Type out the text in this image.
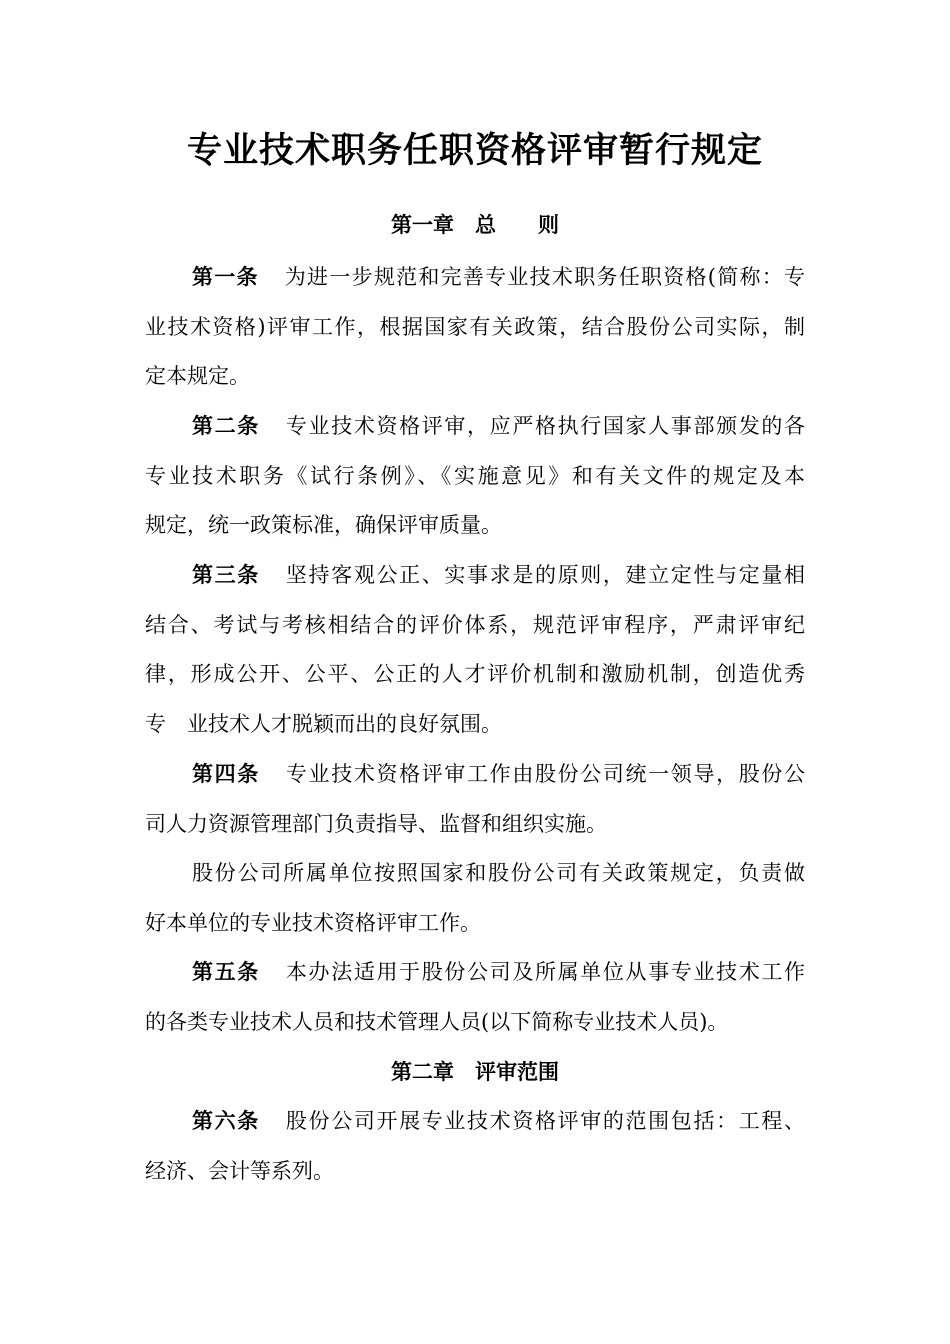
专业技术职务任职资格评审暂行规定
第一章　总　　则
第一条 为进一步规范和完善专业技术职务任职资格(简称：专
业技术资格)评审工作，根据国家有关政策，结合股份公司实际，制
定本规定。
第二条 专业技术资格评审，应严格执行国家人事部颁发的各
专业技术职务《试行条例》、《实施意见》和有关文件的规定及本
规定，统一政策标准，确保评审质量。
第三条 坚持客观公正、实事求是的原则，建立定性与定量相
结合、考试与考核相结合的评价体系，规范评审程序，严肃评审纪
律，形成公开、公平、公正的人才评价机制和激励机制，创造优秀
专　业技术人才脱颖而出的良好氛围。
第四条 专业技术资格评审工作由股份公司统一领导，股份公
司人力资源管理部门负责指导、监督和组织实施。
股份公司所属单位按照国家和股份公司有关政策规定，负责做
好本单位的专业技术资格评审工作。
第五条 本办法适用于股份公司及所属单位从事专业技术工作
的各类专业技术人员和技术管理人员(以下简称专业技术人员)。
第二章　评审范围
第六条 股份公司开展专业技术资格评审的范围包括：工程、
经济、会计等系列。
